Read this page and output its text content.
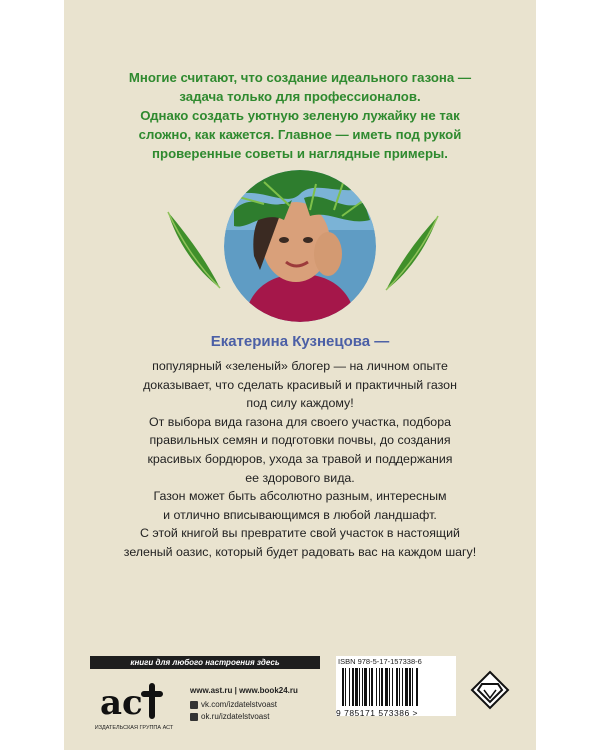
Многие считают, что создание идеального газона —
задача только для профессионалов.
Однако создать уютную зеленую лужайку не так
сложно, как кажется. Главное — иметь под рукой
проверенные советы и наглядные примеры.
Екатерина Кузнецова —
популярный «зеленый» блогер — на личном опыте
доказывает, что сделать красивый и практичный газон
под силу каждому!
От выбора вида газона для своего участка, подбора
правильных семян и подготовки почвы, до создания
красивых бордюров, ухода за травой и поддержания
ее здорового вида.
Газон может быть абсолютно разным, интересным
и отлично вписывающимся в любой ландшафт.
С этой книгой вы превратите свой участок в настоящий
зеленый оазис, который будет радовать вас на каждом шагу!
книги для любого настроения здесь
ac
ИЗДАТЕЛЬСКАЯ ГРУППА АСТ
www.ast.ru | www.book24.ru
vk.com/izdatelstvoast
ok.ru/izdatelstvoast
ISBN 978-5-17-157338-6
9 785171 573386 >
